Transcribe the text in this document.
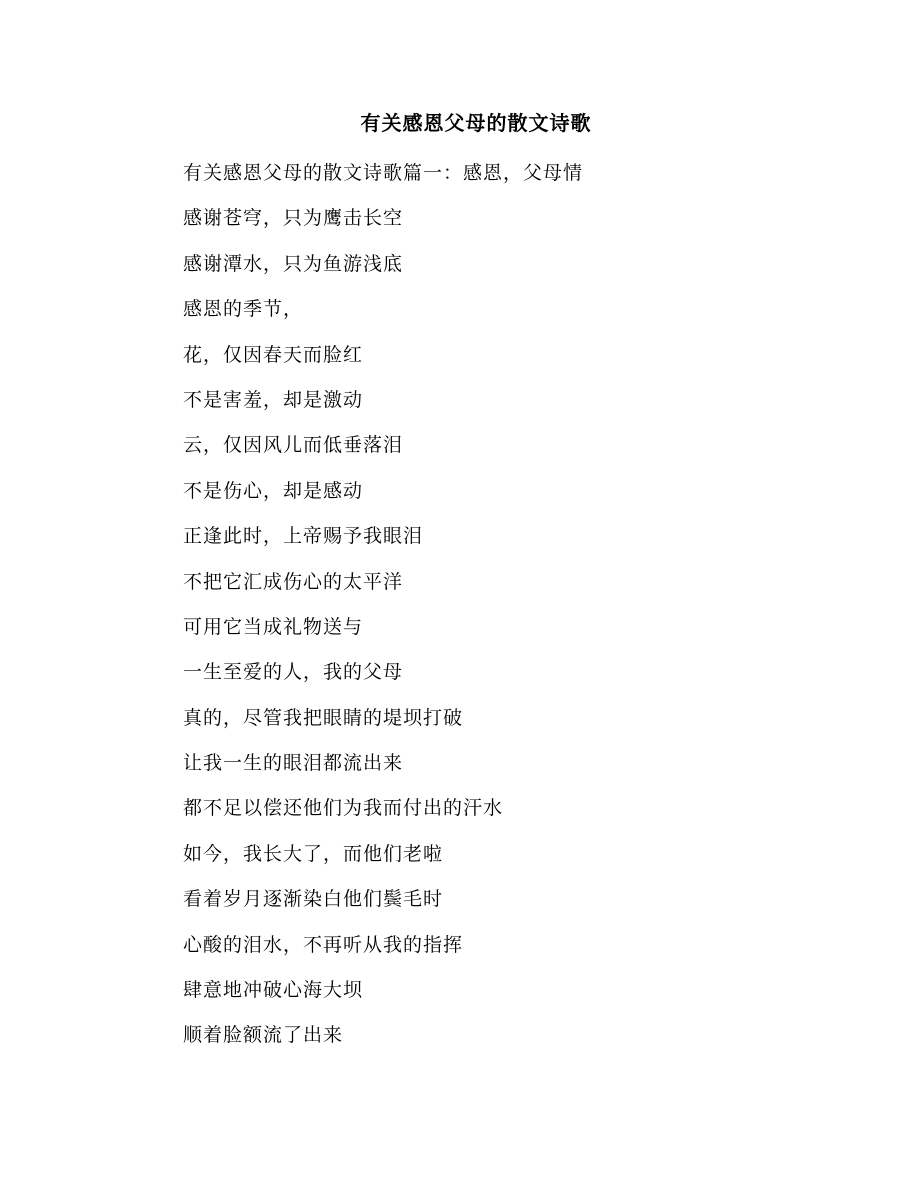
有关感恩父母的散文诗歌
有关感恩父母的散文诗歌篇一：感恩，父母情
感谢苍穹，只为鹰击长空
感谢潭水，只为鱼游浅底
感恩的季节，
花，仅因春天而脸红
不是害羞，却是激动
云，仅因风儿而低垂落泪
不是伤心，却是感动
正逢此时，上帝赐予我眼泪
不把它汇成伤心的太平洋
可用它当成礼物送与
一生至爱的人，我的父母
真的，尽管我把眼睛的堤坝打破
让我一生的眼泪都流出来
都不足以偿还他们为我而付出的汗水
如今，我长大了，而他们老啦
看着岁月逐渐染白他们鬓毛时
心酸的泪水，不再听从我的指挥
肆意地冲破心海大坝
顺着脸额流了出来
